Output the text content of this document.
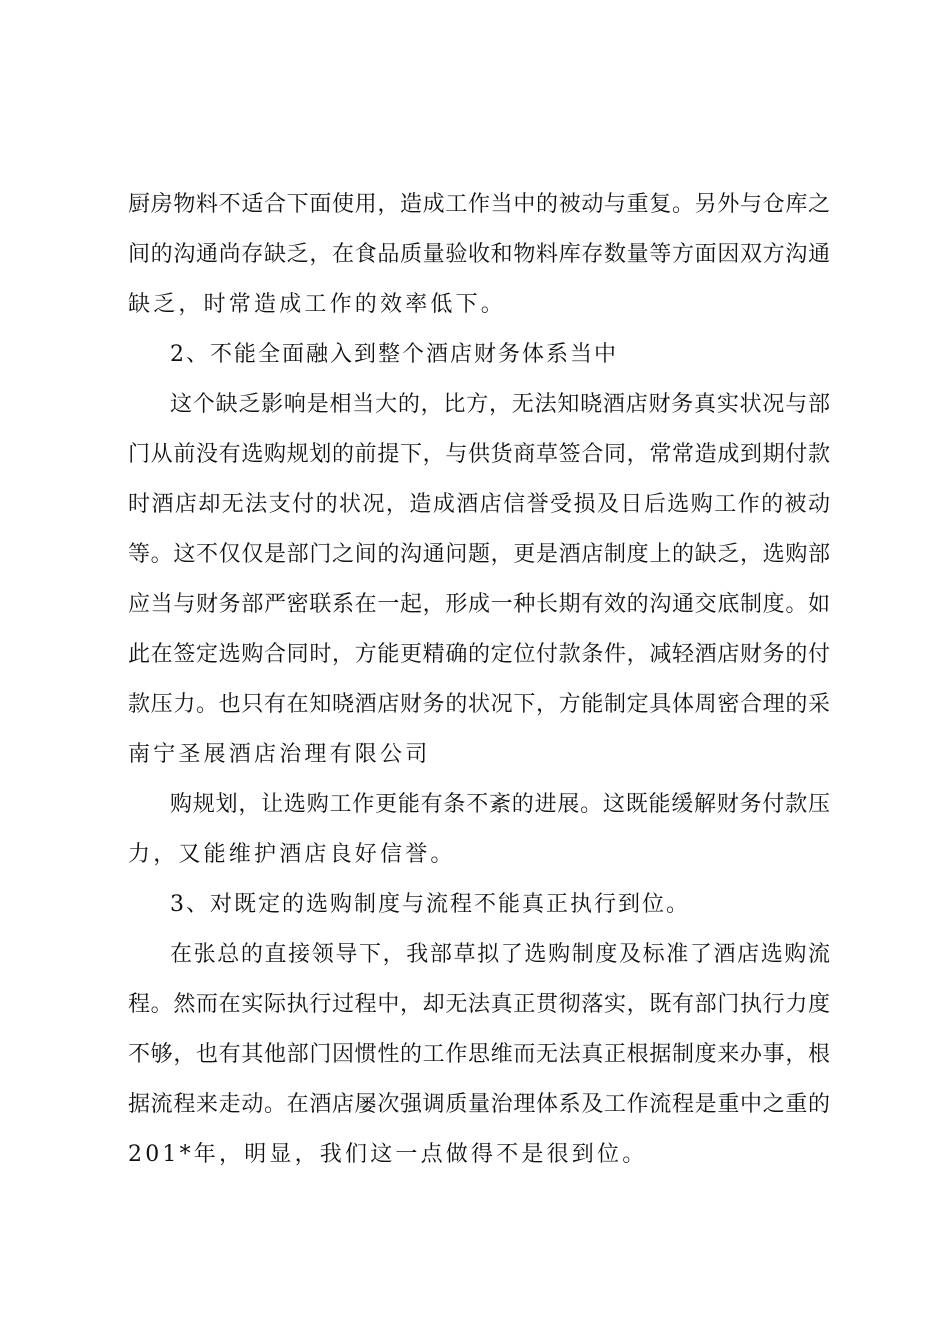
厨房物料不适合下面使用，造成工作当中的被动与重复。另外与仓库之
间的沟通尚存缺乏，在食品质量验收和物料库存数量等方面因双方沟通
缺乏，时常造成工作的效率低下。
2、不能全面融入到整个酒店财务体系当中
这个缺乏影响是相当大的，比方，无法知晓酒店财务真实状况与部
门从前没有选购规划的前提下，与供货商草签合同，常常造成到期付款
时酒店却无法支付的状况，造成酒店信誉受损及日后选购工作的被动
等。这不仅仅是部门之间的沟通问题，更是酒店制度上的缺乏，选购部
应当与财务部严密联系在一起，形成一种长期有效的沟通交底制度。如
此在签定选购合同时，方能更精确的定位付款条件，减轻酒店财务的付
款压力。也只有在知晓酒店财务的状况下，方能制定具体周密合理的采
南宁圣展酒店治理有限公司
购规划，让选购工作更能有条不紊的进展。这既能缓解财务付款压
力，又能维护酒店良好信誉。
3、对既定的选购制度与流程不能真正执行到位。
在张总的直接领导下，我部草拟了选购制度及标准了酒店选购流
程。然而在实际执行过程中，却无法真正贯彻落实，既有部门执行力度
不够，也有其他部门因惯性的工作思维而无法真正根据制度来办事，根
据流程来走动。在酒店屡次强调质量治理体系及工作流程是重中之重的
201*年，明显，我们这一点做得不是很到位。
